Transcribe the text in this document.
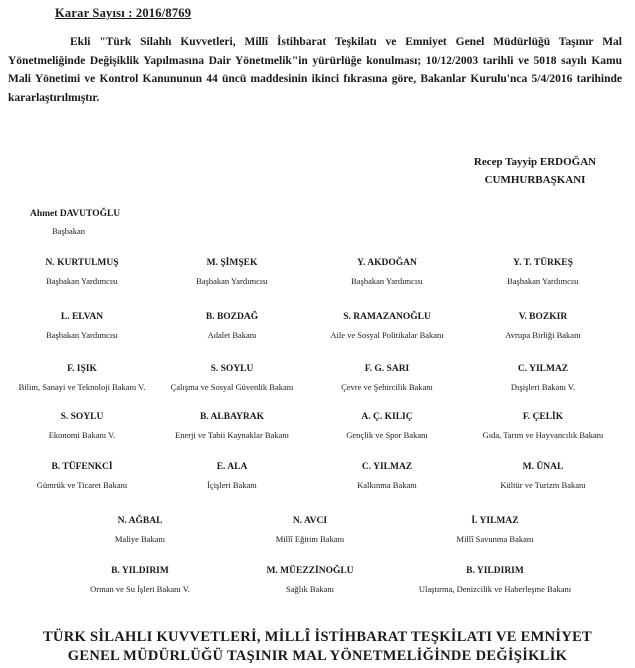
Karar Sayısı : 2016/8769
Ekli "Türk Silahlı Kuvvetleri, Millî İstihbarat Teşkilatı ve Emniyet Genel Müdürlüğü Taşınır Mal Yönetmeliğinde Değişiklik Yapılmasına Dair Yönetmelik"in yürürlüğe konulması; 10/12/2003 tarihli ve 5018 sayılı Kamu Mali Yönetimi ve Kontrol Kanununun 44 üncü maddesinin ikinci fıkrasına göre, Bakanlar Kurulu'nca 5/4/2016 tarihinde kararlaştırılmıştır.
Recep Tayyip ERDOĞAN
CUMHURBAŞKANI
Ahmet DAVUTOĞLU
Başbakan
N. KURTULMUŞ
Başbakan Yardımcısı
M. ŞİMŞEK
Başbakan Yardımcısı
Y. AKDOĞAN
Başbakan Yardımcısı
Y. T. TÜRKEŞ
Başbakan Yardımcısı
L. ELVAN
Başbakan Yardımcısı
B. BOZDAĞ
Adalet Bakanı
S. RAMAZANOĞLU
Aile ve Sosyal Politikalar Bakanı
V. BOZKIR
Avrupa Birliği Bakanı
F. IŞIK
Bilim, Sanayi ve Teknoloji Bakanı V.
S. SOYLU
Çalışma ve Sosyal Güvenlik Bakanı
F. G. SARI
Çevre ve Şehircilik Bakanı
C. YILMAZ
Dışişleri Bakanı V.
S. SOYLU
Ekonomi Bakanı V.
B. ALBAYRAK
Enerji ve Tabii Kaynaklar Bakanı
A. Ç. KILIÇ
Gençlik ve Spor Bakanı
F. ÇELİK
Gıda, Tarım ve Hayvancılık Bakanı
B. TÜFENKCİ
Gümrük ve Ticaret Bakanı
E. ALA
İçişleri Bakanı
C. YILMAZ
Kalkınma Bakanı
M. ÜNAL
Kültür ve Turizm Bakanı
N. AĞBAL
Maliye Bakanı
N. AVCI
Millî Eğitim Bakanı
İ. YILMAZ
Millî Savunma Bakanı
B. YILDIRIM
Orman ve Su İşleri Bakanı V.
M. MÜEZZİNOĞLU
Sağlık Bakanı
B. YILDIRIM
Ulaştırma, Denizcilik ve Haberleşme Bakanı
TÜRK SİLAHLI KUVVETLERİ, MİLLÎ İSTİHBARAT TEŞKİLATI VE EMNİYET GENEL MÜDÜRLÜĞÜ TAŞINIR MAL YÖNETMELİĞİNDE DEĞİŞİKLİK
